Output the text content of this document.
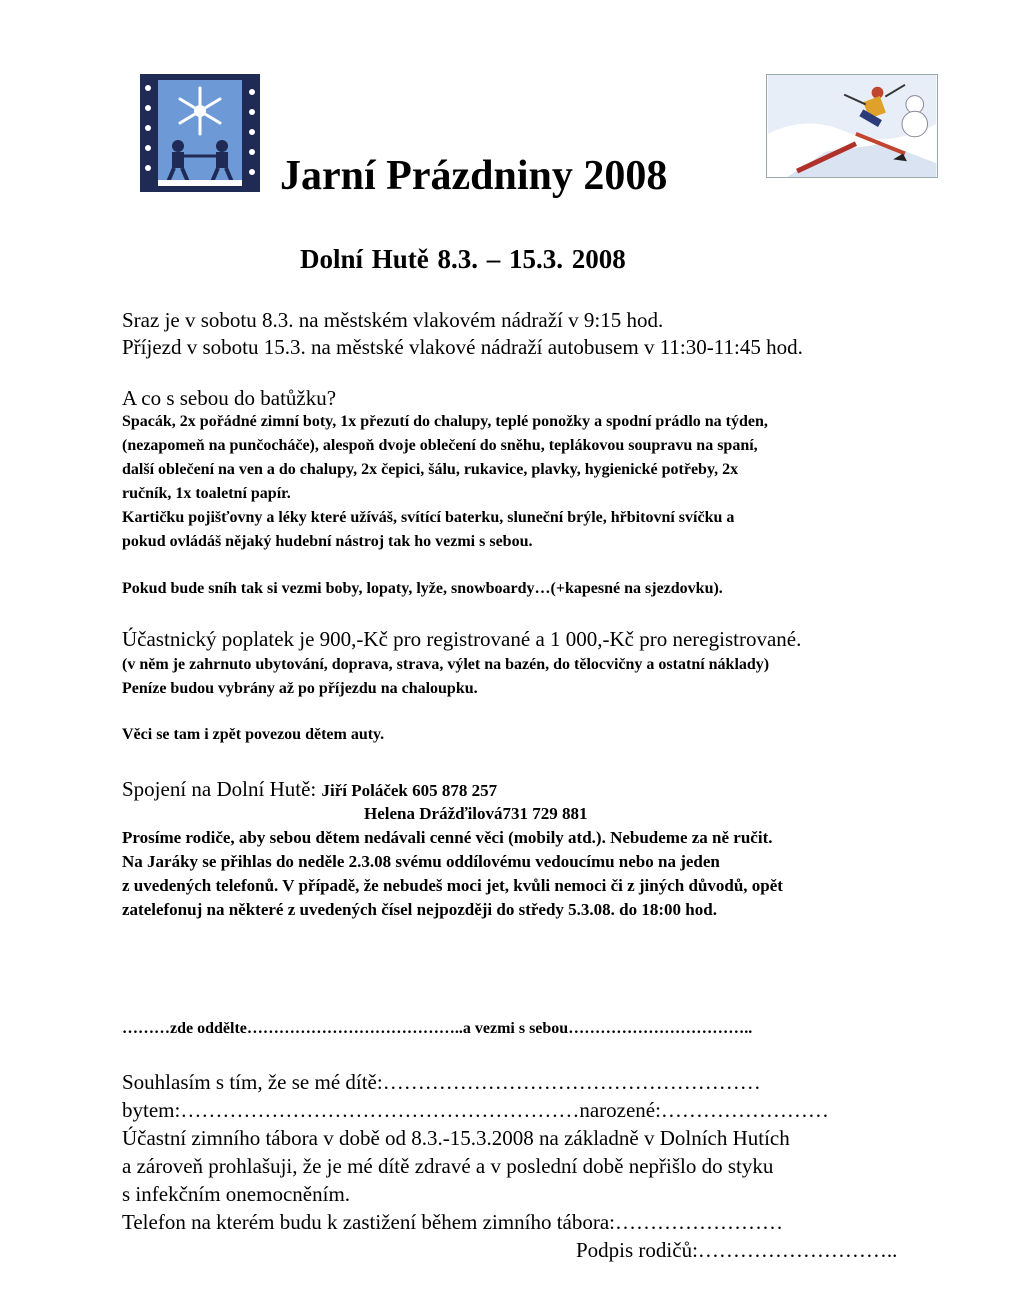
Jarní Prázdniny 2008
Dolní Hutě 8.3. – 15.3. 2008
Sraz je v sobotu 8.3. na městském vlakovém nádraží v 9:15 hod.
Příjezd v sobotu 15.3. na městské vlakové nádraží autobusem v 11:30-11:45 hod.
A co s sebou do batůžku?
Spacák, 2x pořádné zimní boty, 1x přezutí do chalupy, teplé ponožky a spodní prádlo na týden,
(nezapomeň na punčocháče), alespoň dvoje oblečení do sněhu, teplákovou soupravu na spaní,
další oblečení na ven a do chalupy, 2x čepici, šálu, rukavice, plavky, hygienické potřeby, 2x
ručník, 1x toaletní papír.
Kartičku pojišťovny a léky které užíváš, svítící baterku, sluneční brýle, hřbitovní svíčku a
pokud ovládáš nějaký hudební nástroj tak ho vezmi s sebou.
Pokud bude sníh tak si vezmi boby, lopaty, lyže, snowboardy…(+kapesné na sjezdovku).
Účastnický poplatek je 900,-Kč pro registrované a 1 000,-Kč pro neregistrované.
(v něm je zahrnuto ubytování, doprava, strava, výlet na bazén, do tělocvičny a ostatní náklady)
Peníze budou vybrány až po příjezdu na chaloupku.
Věci se tam i zpět povezou dětem auty.
Spojení na Dolní Hutě: Jiří Poláček 605 878 257
Helena Drážďilová731 729 881
Prosíme rodiče, aby sebou dětem nedávali cenné věci (mobily atd.). Nebudeme za ně ručit.
Na Jaráky se přihlas do neděle 2.3.08 svému oddílovému vedoucímu nebo na jeden
z uvedených telefonů. V případě, že nebudeš moci jet, kvůli nemoci či z jiných důvodů, opět
zatelefonuj na některé z uvedených čísel nejpozději do středy 5.3.08. do 18:00 hod.
………zde oddělte…………………………………..a vezmi s sebou……………………………..
Souhlasím s tím, že se mé dítě:………………………………………………
bytem:…………………………………………………narozené:……………………
Účastní zimního tábora v době od 8.3.-15.3.2008 na základně v Dolních Hutích
a zároveň prohlašuji, že je mé dítě zdravé a v poslední době nepřišlo do styku
s infekčním onemocněním.
Telefon na kterém budu k zastižení během zimního tábora:……………………
Podpis rodičů:………………………..
